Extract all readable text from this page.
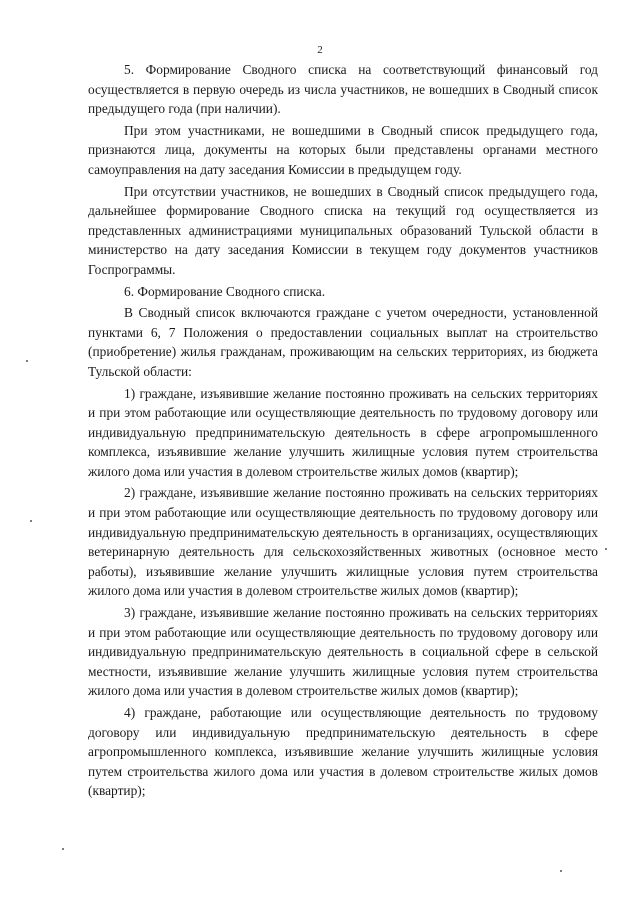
2

5. Формирование Сводного списка на соответствующий финансовый год осуществляется в первую очередь из числа участников, не вошедших в Сводный список предыдущего года (при наличии).

При этом участниками, не вошедшими в Сводный список предыдущего года, признаются лица, документы на которых были представлены органами местного самоуправления на дату заседания Комиссии в предыдущем году.

При отсутствии участников, не вошедших в Сводный список предыдущего года, дальнейшее формирование Сводного списка на текущий год осуществляется из представленных администрациями муниципальных образований Тульской области в министерство на дату заседания Комиссии в текущем году документов участников Госпрограммы.

6. Формирование Сводного списка.

В Сводный список включаются граждане с учетом очередности, установленной пунктами 6, 7 Положения о предоставлении социальных выплат на строительство (приобретение) жилья гражданам, проживающим на сельских территориях, из бюджета Тульской области:

1) граждане, изъявившие желание постоянно проживать на сельских территориях и при этом работающие или осуществляющие деятельность по трудовому договору или индивидуальную предпринимательскую деятельность в сфере агропромышленного комплекса, изъявившие желание улучшить жилищные условия путем строительства жилого дома или участия в долевом строительстве жилых домов (квартир);

2) граждане, изъявившие желание постоянно проживать на сельских территориях и при этом работающие или осуществляющие деятельность по трудовому договору или индивидуальную предпринимательскую деятельность в организациях, осуществляющих ветеринарную деятельность для сельскохозяйственных животных (основное место работы), изъявившие желание улучшить жилищные условия путем строительства жилого дома или участия в долевом строительстве жилых домов (квартир);

3) граждане, изъявившие желание постоянно проживать на сельских территориях и при этом работающие или осуществляющие деятельность по трудовому договору или индивидуальную предпринимательскую деятельность в социальной сфере в сельской местности, изъявившие желание улучшить жилищные условия путем строительства жилого дома или участия в долевом строительстве жилых домов (квартир);

4) граждане, работающие или осуществляющие деятельность по трудовому договору или индивидуальную предпринимательскую деятельность в сфере агропромышленного комплекса, изъявившие желание улучшить жилищные условия путем строительства жилого дома или участия в долевом строительстве жилых домов (квартир);
